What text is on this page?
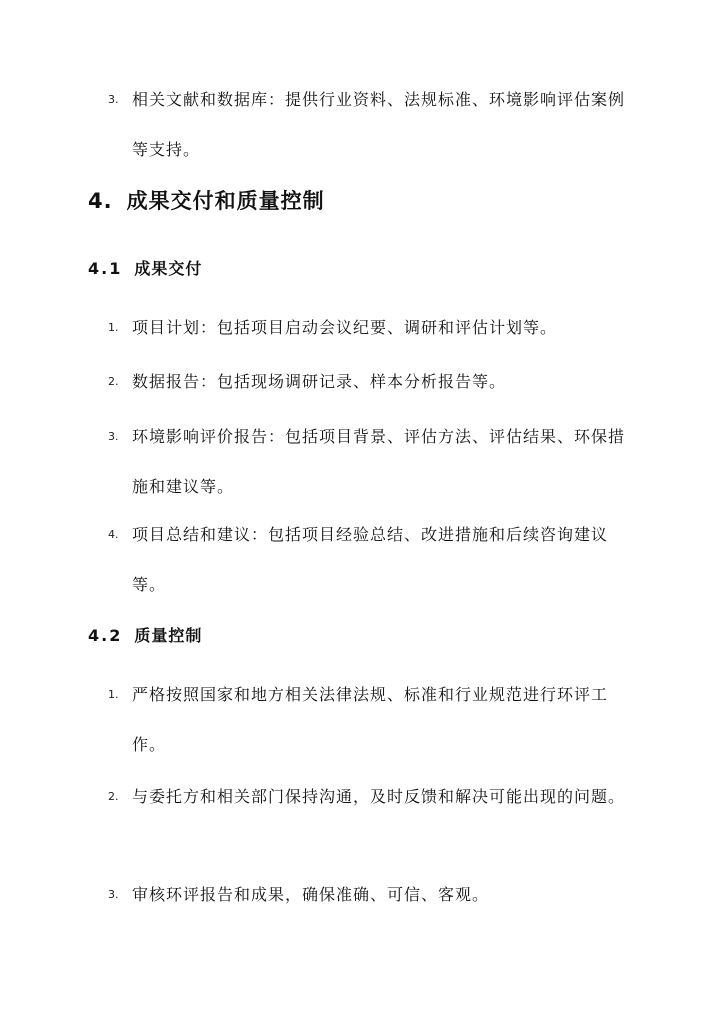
3. 相关文献和数据库：提供行业资料、法规标准、环境影响评估案例等支持。
4. 成果交付和质量控制
4.1 成果交付
1. 项目计划：包括项目启动会议纪要、调研和评估计划等。
2. 数据报告：包括现场调研记录、样本分析报告等。
3. 环境影响评价报告：包括项目背景、评估方法、评估结果、环保措施和建议等。
4. 项目总结和建议：包括项目经验总结、改进措施和后续咨询建议等。
4.2 质量控制
1. 严格按照国家和地方相关法律法规、标准和行业规范进行环评工作。
2. 与委托方和相关部门保持沟通，及时反馈和解决可能出现的问题。
3. 审核环评报告和成果，确保准确、可信、客观。
